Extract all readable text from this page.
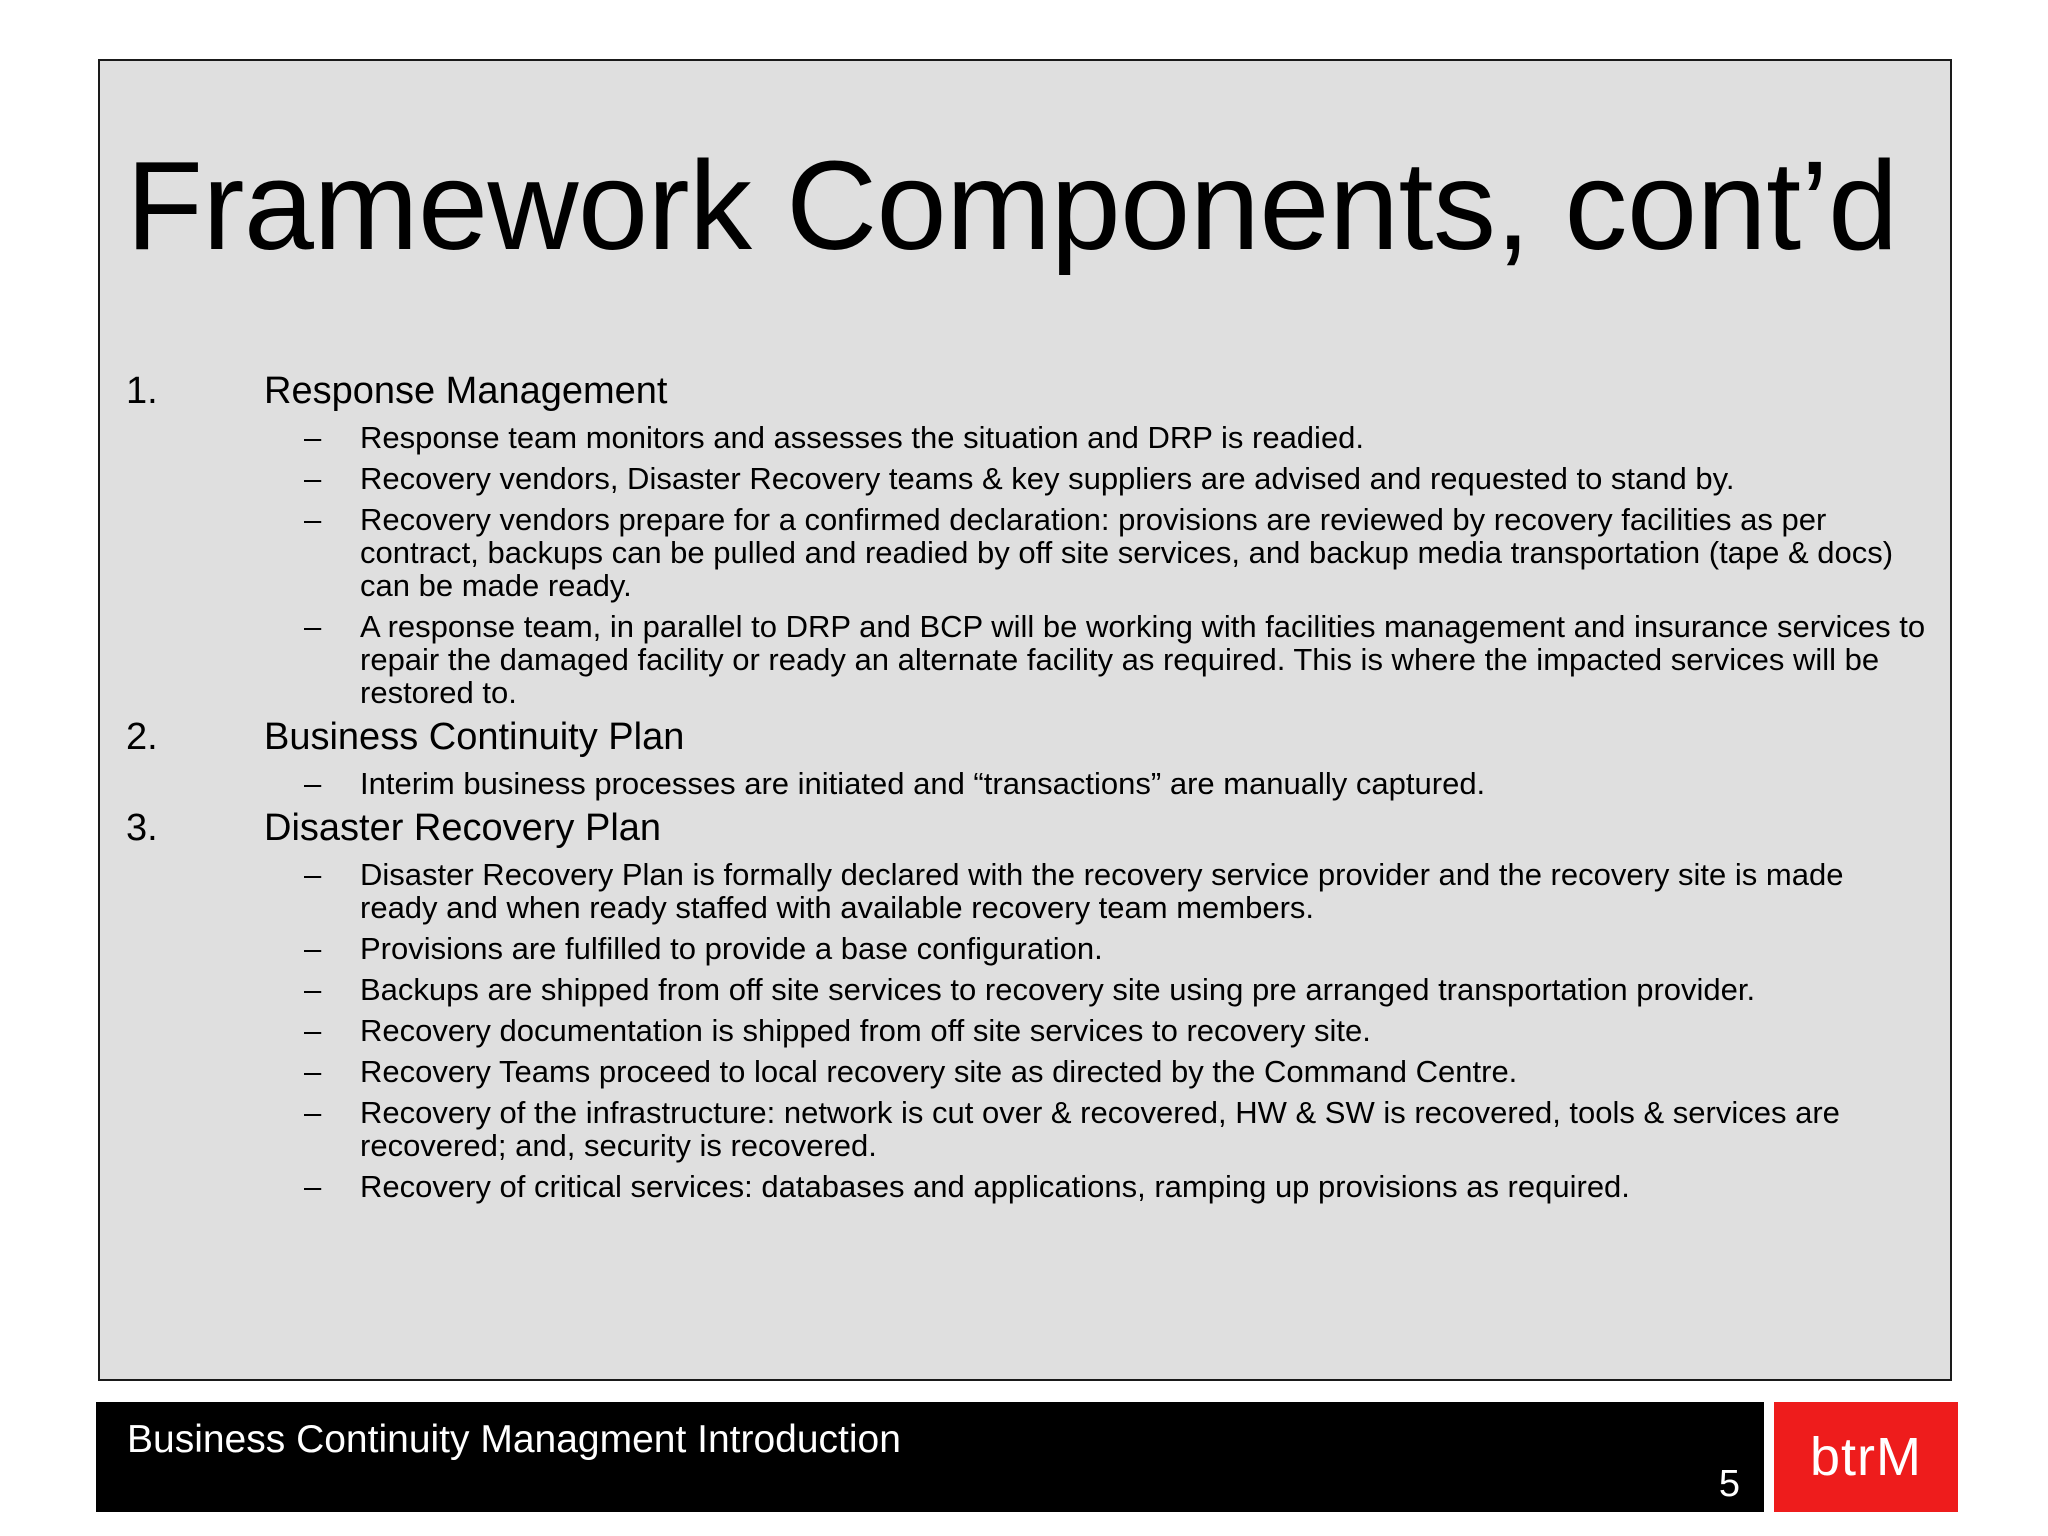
Framework Components, cont’d
1.	Response Management
–	Response team monitors and assesses the situation and DRP is readied.
–	Recovery vendors, Disaster Recovery teams & key suppliers are advised and requested to stand by.
–	Recovery vendors prepare for a confirmed declaration: provisions are reviewed by recovery facilities as per contract, backups can be pulled and readied by off site services, and backup media transportation (tape & docs) can be made ready.
–	A response team, in parallel to DRP and BCP will be working with facilities management and insurance services to repair the damaged facility or ready an alternate facility as required. This is where the impacted services will be restored to.
2.	Business Continuity Plan
–	Interim business processes are initiated and “transactions” are manually captured.
3.	Disaster Recovery Plan
–	Disaster Recovery Plan is formally declared with the recovery service provider and the recovery site is made ready and when ready staffed with available recovery team members.
–	Provisions are fulfilled to provide a base configuration.
–	Backups are shipped from off site services to recovery site using pre arranged transportation provider.
–	Recovery documentation is shipped from off site services to recovery site.
–	Recovery Teams proceed to local recovery site as directed by the Command Centre.
–	Recovery of the infrastructure: network is cut over & recovered, HW & SW is recovered, tools & services are recovered; and, security is recovered.
–	Recovery of critical services: databases and applications, ramping up provisions as required.
Business Continuity Managment Introduction
5 btrM
